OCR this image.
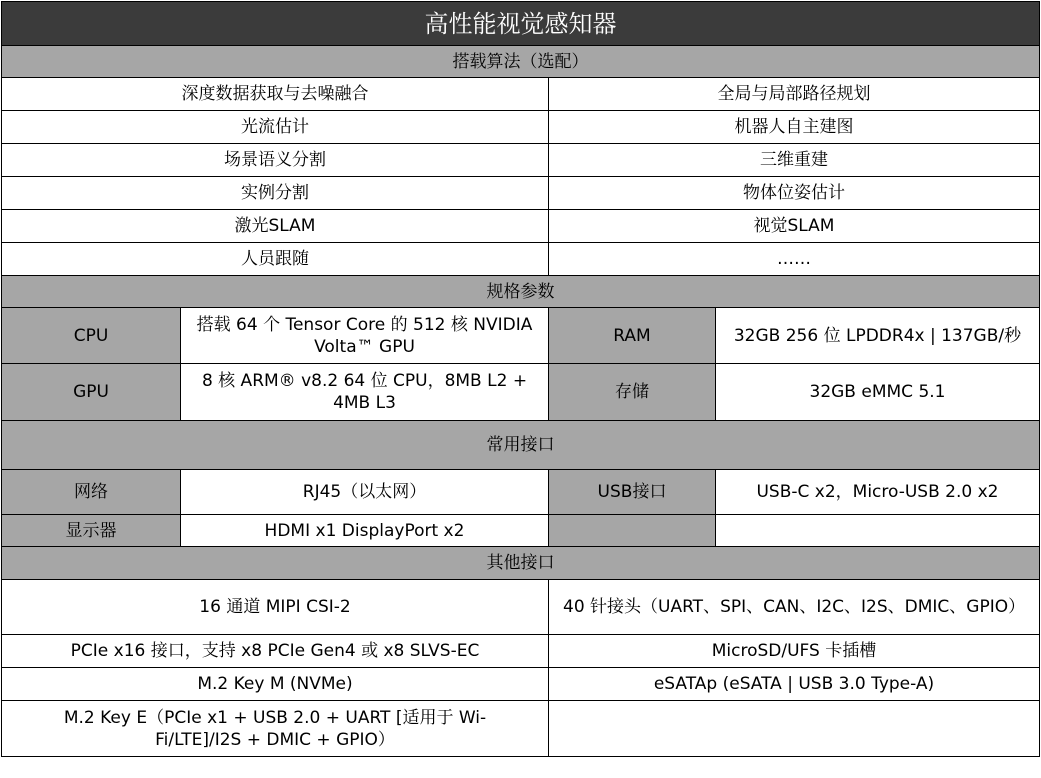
高性能视觉感知器			
搭载算法（选配）			
深度数据获取与去噪融合		全局与局部路径规划	
光流估计		机器人自主建图	
场景语义分割		三维重建	
实例分割		物体位姿估计	
激光SLAM		视觉SLAM	
人员跟随		……	
规格参数			
CPU	搭载 64 个 Tensor Core 的 512 核 NVIDIA Volta™ GPU	RAM	32GB 256 位 LPDDR4x | 137GB/秒
GPU	8 核 ARM® v8.2 64 位 CPU，8MB L2 + 4MB L3	存储	32GB eMMC 5.1
常用接口			
网络	RJ45（以太网）	USB接口	USB-C x2，Micro-USB 2.0 x2
显示器	HDMI x1 DisplayPort x2		
其他接口			
16 通道 MIPI CSI-2		40 针接头（UART、SPI、CAN、I2C、I2S、DMIC、GPIO）	
PCIe x16 接口，支持 x8 PCIe Gen4 或 x8 SLVS-EC		MicroSD/UFS 卡插槽	
M.2 Key M (NVMe)		eSATAp (eSATA | USB 3.0 Type-A)	
M.2 Key E（PCIe x1 + USB 2.0 + UART [适用于 Wi-Fi/LTE]/I2S + DMIC + GPIO）			
